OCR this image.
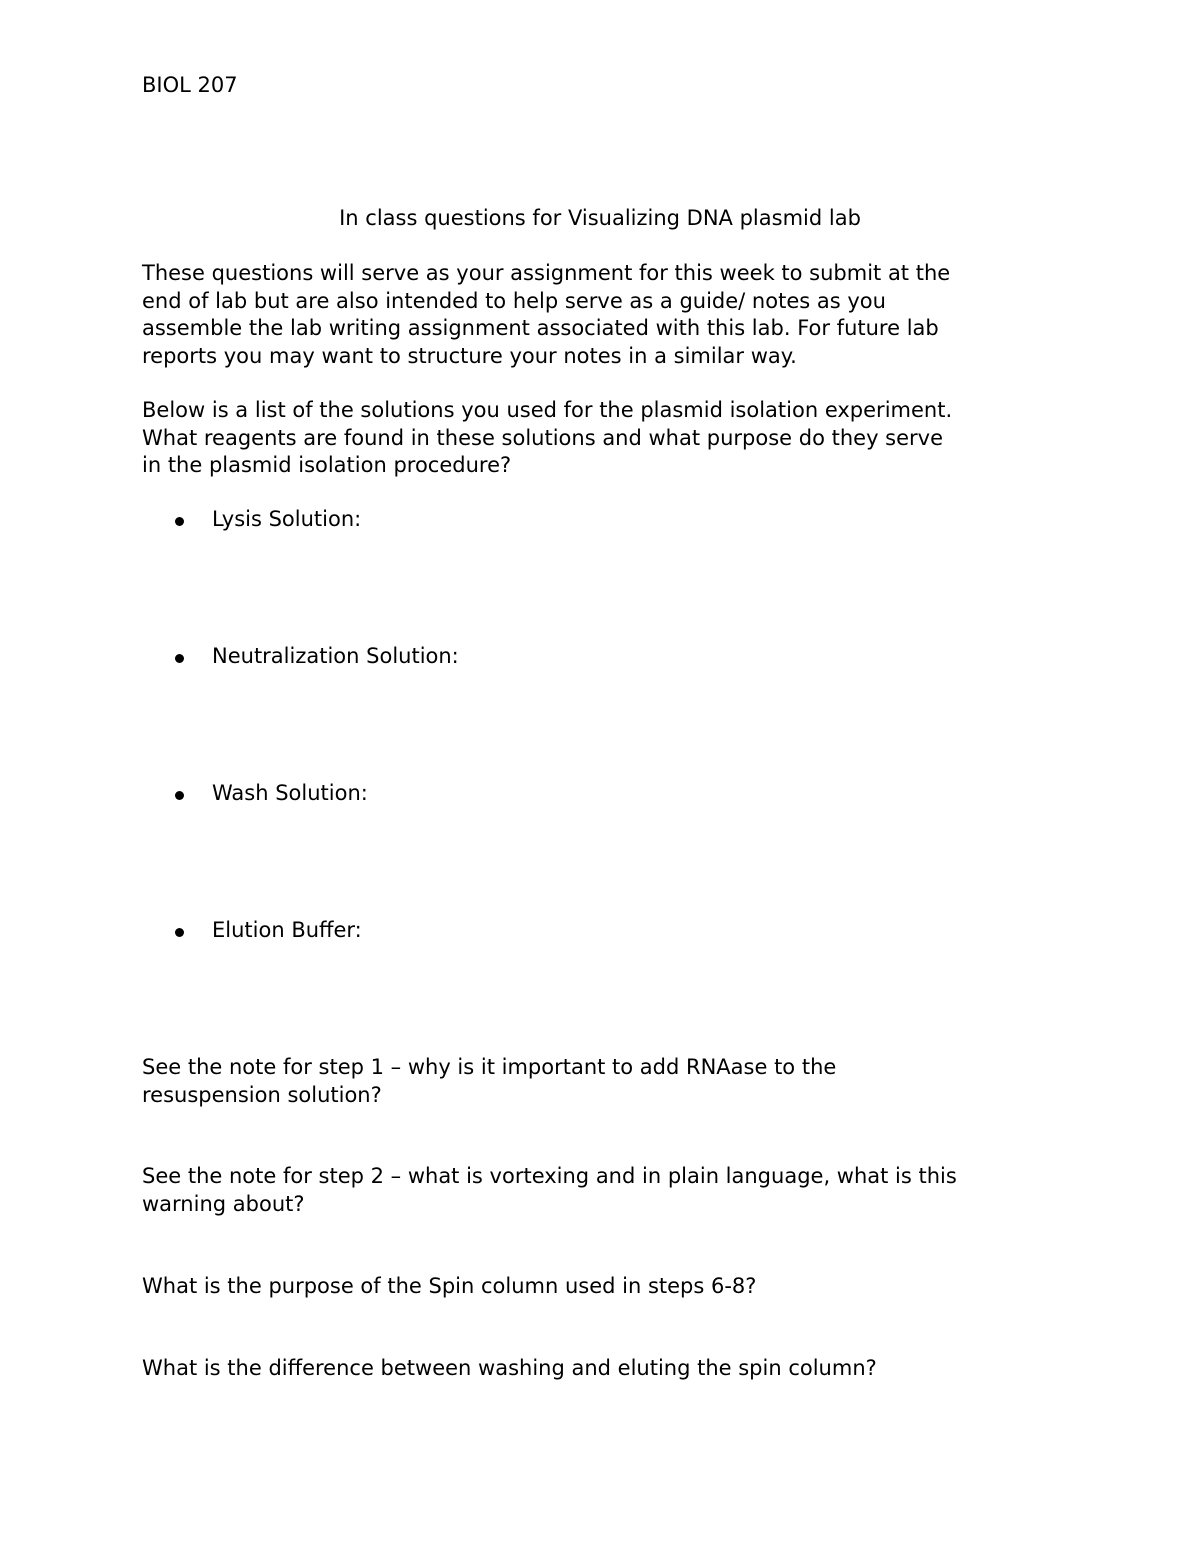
BIOL 207

In class questions for Visualizing DNA plasmid lab

These questions will serve as your assignment for this week to submit at the
end of lab but are also intended to help serve as a guide/ notes as you
assemble the lab writing assignment associated with this lab. For future lab
reports you may want to structure your notes in a similar way.
Below is a list of the solutions you used for the plasmid isolation experiment.
What reagents are found in these solutions and what purpose do they serve
in the plasmid isolation procedure?
Lysis Solution:
Neutralization Solution:
Wash Solution:
Elution Buffer:
See the note for step 1 – why is it important to add RNAase to the
resuspension solution?
See the note for step 2 – what is vortexing and in plain language, what is this
warning about?
What is the purpose of the Spin column used in steps 6-8?
What is the difference between washing and eluting the spin column?
